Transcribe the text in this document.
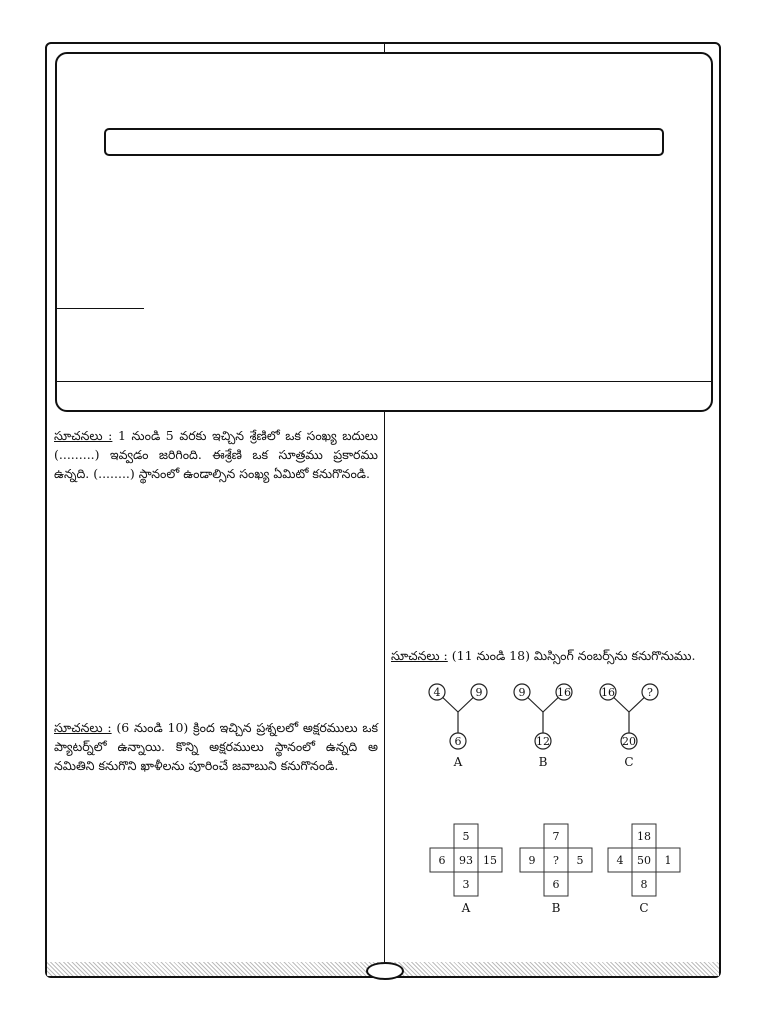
సూచనలు : 1 నుండి 5 వరకు ఇచ్చిన శ్రేణిలో ఒక సంఖ్య బదులు (.........) ఇవ్వడం జరిగింది. ఈశ్రేణి ఒక సూత్రము ప్రకారము ఉన్నది. (........) స్థానంలో ఉండాల్సిన సంఖ్య ఏమిటో కనుగొనండి.
సూచనలు : (6 నుండి 10) క్రింద ఇచ్చిన ప్రశ్నలలో అక్షరములు ఒక ప్యాటర్న్‌లో ఉన్నాయి. కొన్ని అక్షరములు స్థానంలో ఉన్నది అ నమితిని కనుగొని ఖాళీలను పూరించే జవాబుని కనుగొనండి.
సూచనలు : (11 నుండి 18) మిస్సింగ్ నంబర్స్‌ను కనుగొనుము.
4	9
6
A
9	16
12
B
16	?
20
C
5
6 93 15
3
A
7
9 ? 5
6
B
18
4 50 1
8
C
